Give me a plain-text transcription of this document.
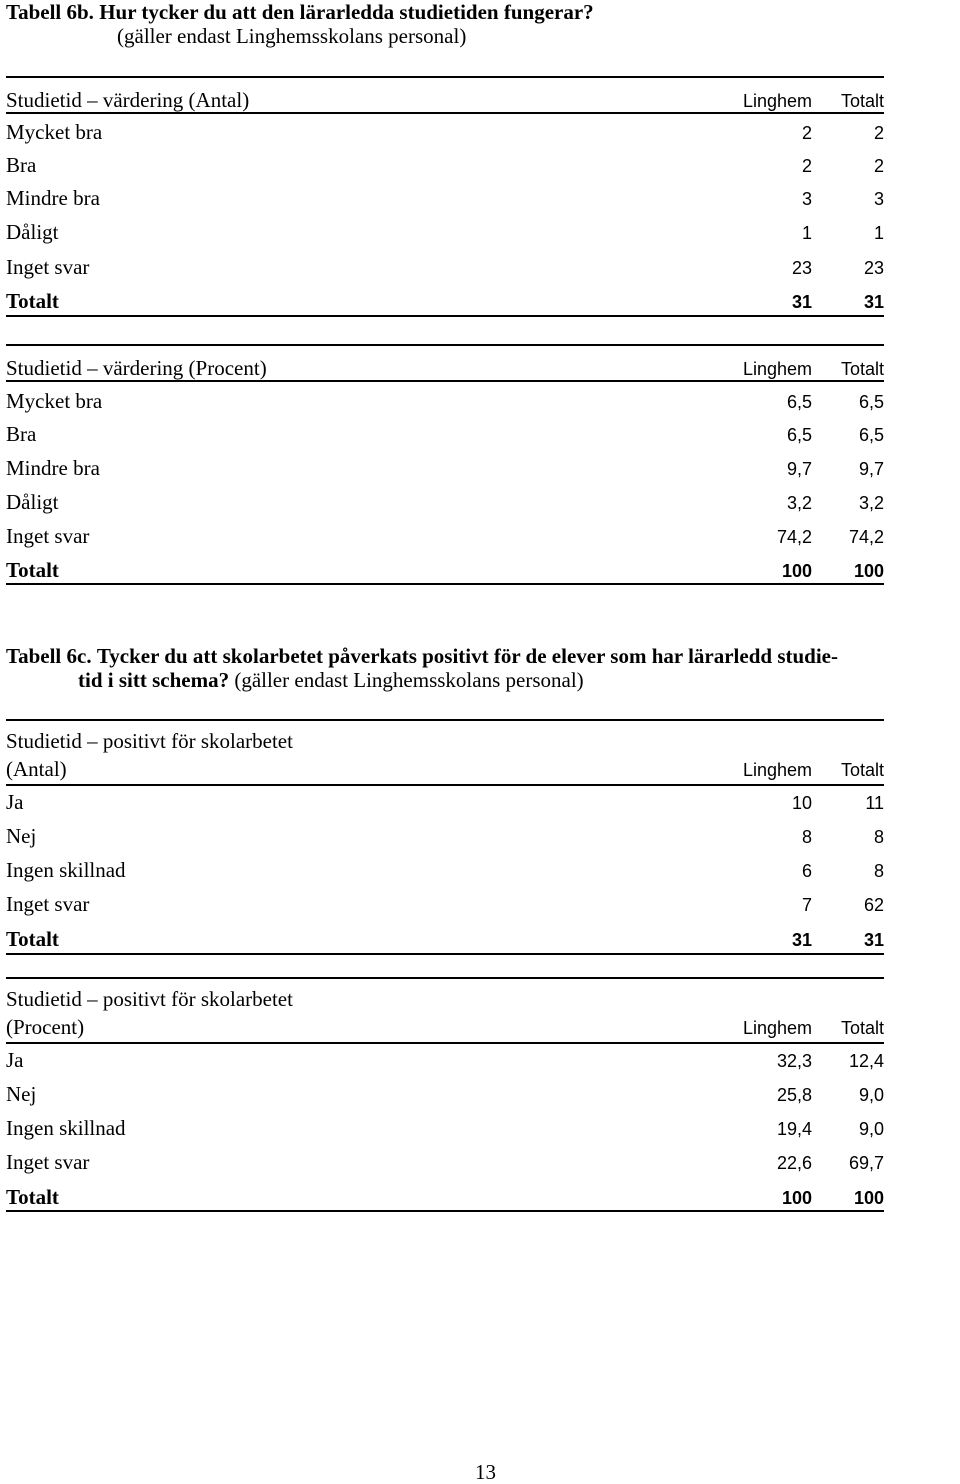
Tabell 6b. Hur tycker du att den lärarledda studietiden fungerar?
(gäller endast Linghemsskolans personal)
Studietid – värdering (Antal)	Linghem Totalt
Mycket bra	2	2
Bra	2	2
Mindre bra	3	3
Dåligt	1	1
Inget svar	23	23
Totalt	31	31
Studietid – värdering (Procent)	Linghem Totalt
Mycket bra	6,5	6,5
Bra	6,5	6,5
Mindre bra	9,7	9,7
Dåligt	3,2	3,2
Inget svar	74,2 74,2
Totalt	100 100
Tabell 6c. Tycker du att skolarbetet påverkats positivt för de elever som har lärarledd studie-
tid i sitt schema? (gäller endast Linghemsskolans personal)
Studietid – positivt för skolarbetet
(Antal)	Linghem Totalt
Ja	10	11
Nej	8	8
Ingen skillnad	6	8
Inget svar	7	62
Totalt	31	31
Studietid – positivt för skolarbetet
(Procent)	Linghem Totalt
Ja	32,3 12,4
Nej	25,8	9,0
Ingen skillnad	19,4	9,0
Inget svar	22,6 69,7
Totalt	100 100
13
